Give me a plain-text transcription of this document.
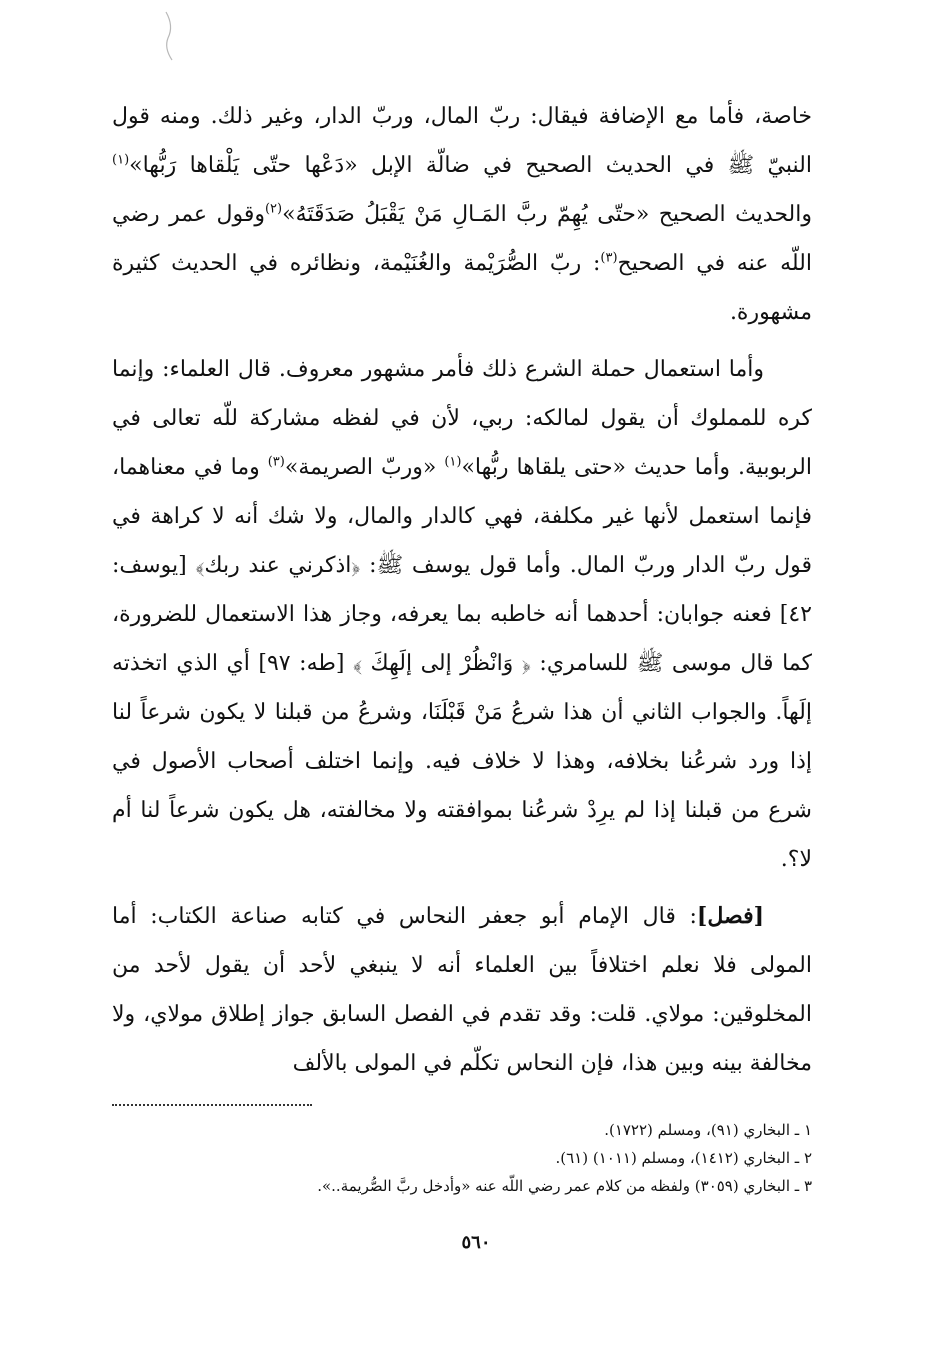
خاصة، فأما مع الإضافة فيقال: ربّ المال، وربّ الدار، وغير ذلك. ومنه قول النبيّ ﷺ في الحديث الصحيح في ضالّة الإبل «دَعْها حتّى يَلْقاها رَبُّها»$^{(١)}$ والحديث الصحيح «حتّى يُهِمّ ربَّ المَـالِ مَنْ يَقْبَلُ صَدَقَتَهُ»$^{(٢)}$وقول عمر رضي اللّه عنه في الصحيح$^{(٣)}$: ربّ الصُّرَيْمة والغُنَيْمة، ونظائره في الحديث كثيرة مشهورة.

وأما استعمال حملة الشرع ذلك فأمر مشهور معروف. قال العلماء: وإنما كره للمملوك أن يقول لمالكه: ربي، لأن في لفظه مشاركة للّه تعالى في الربوبية. وأما حديث «حتى يلقاها ربُّها»$^{(١)}$ «وربّ الصريمة»$^{(٣)}$ وما في معناهما، فإنما استعمل لأنها غير مكلفة، فهي كالدار والمال، ولا شك أنه لا كراهة في قول ربّ الدار وربّ المال. وأما قول يوسف ﷺ: ﴿اذكرني عند ربك﴾ [يوسف: ٤٢] فعنه جوابان: أحدهما أنه خاطبه بما يعرفه، وجاز هذا الاستعمال للضرورة، كما قال موسى ﷺ للسامري: ﴿ وَانْظُرْ إلى إلَهِكَ ﴾ [طه: ٩٧] أي الذي اتخذته إلَهاً. والجواب الثاني أن هذا شرعُ مَنْ قَبْلَنَا، وشرعُ من قبلنا لا يكون شرعاً لنا إذا ورد شرعُنا بخلافه، وهذا لا خلاف فيه. وإنما اختلف أصحاب الأصول في شرع من قبلنا إذا لم يرِدْ شرعُنا بموافقته ولا مخالفته، هل يكون شرعاً لنا أم لا؟.

[فصل]: قال الإمام أبو جعفر النحاس في كتابه صناعة الكتاب: أما المولى فلا نعلم اختلافاً بين العلماء أنه لا ينبغي لأحد أن يقول لأحد من المخلوقين: مولاي. قلت: وقد تقدم في الفصل السابق جواز إطلاق مولاي، ولا مخالفة بينه وبين هذا، فإن النحاس تكلّم في المولى بالألف

١ ـ البخاري (٩١)، ومسلم (١٧٢٢).

٢ ـ البخاري (١٤١٢)، ومسلم (١٠١١) (٦١).

٣ ـ البخاري (٣٠٥٩) ولفظه من كلام عمر رضي اللّه عنه «وأدخل ربَّ الصُّريمة..».

٥٦٠
